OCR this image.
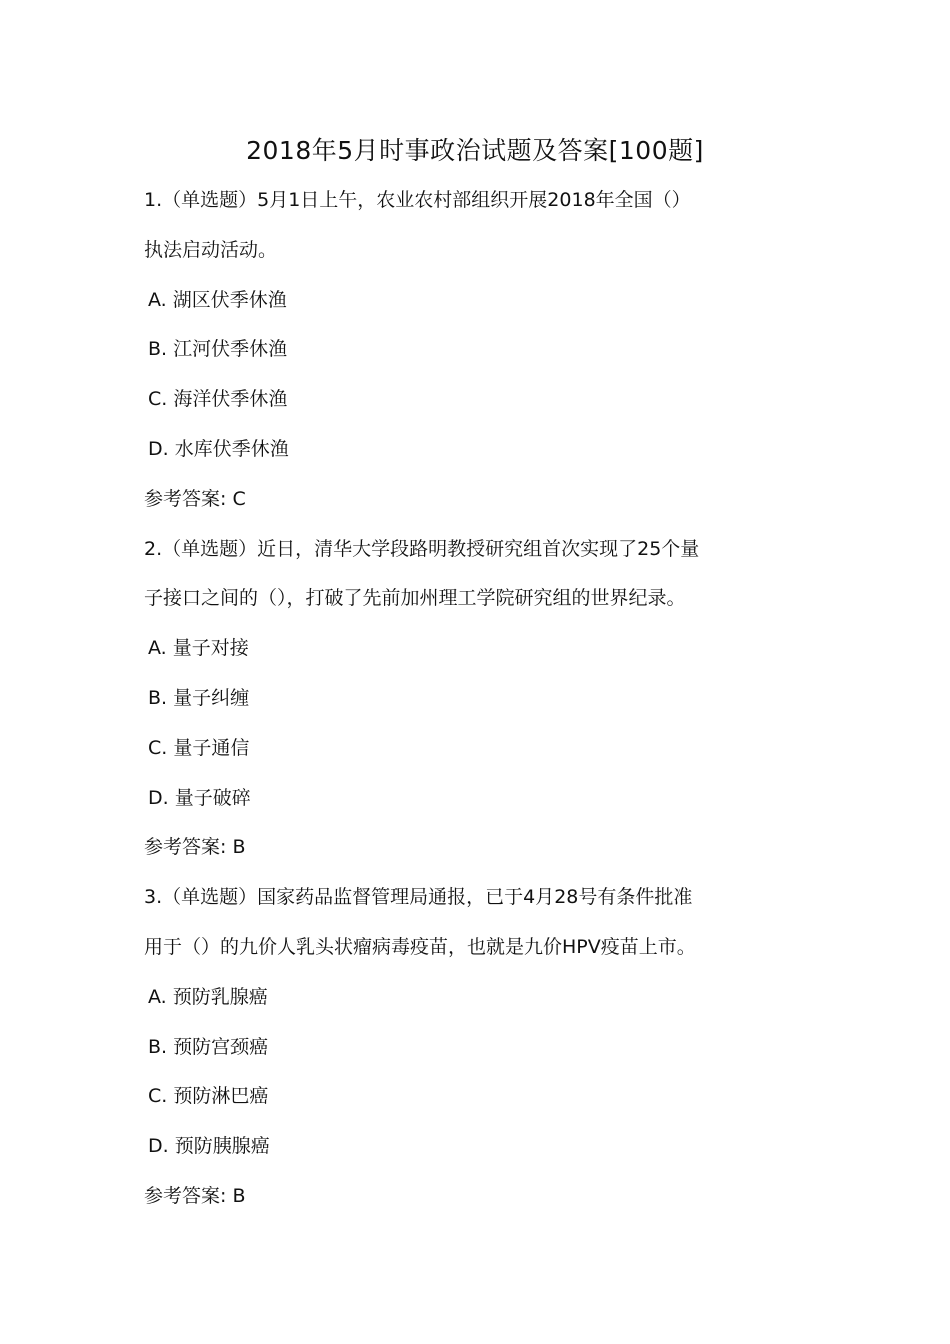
2018年5月时事政治试题及答案[100题]
1.（单选题）5月1日上午，农业农村部组织开展2018年全国（）
执法启动活动。
A. 湖区伏季休渔
B. 江河伏季休渔
C. 海洋伏季休渔
D. 水库伏季休渔
参考答案: C
2.（单选题）近日，清华大学段路明教授研究组首次实现了25个量
子接口之间的（），打破了先前加州理工学院研究组的世界纪录。
A. 量子对接
B. 量子纠缠
C. 量子通信
D. 量子破碎
参考答案: B
3.（单选题）国家药品监督管理局通报，已于4月28号有条件批准
用于（）的九价人乳头状瘤病毒疫苗，也就是九价HPV疫苗上市。
A. 预防乳腺癌
B. 预防宫颈癌
C. 预防淋巴癌
D. 预防胰腺癌
参考答案: B
